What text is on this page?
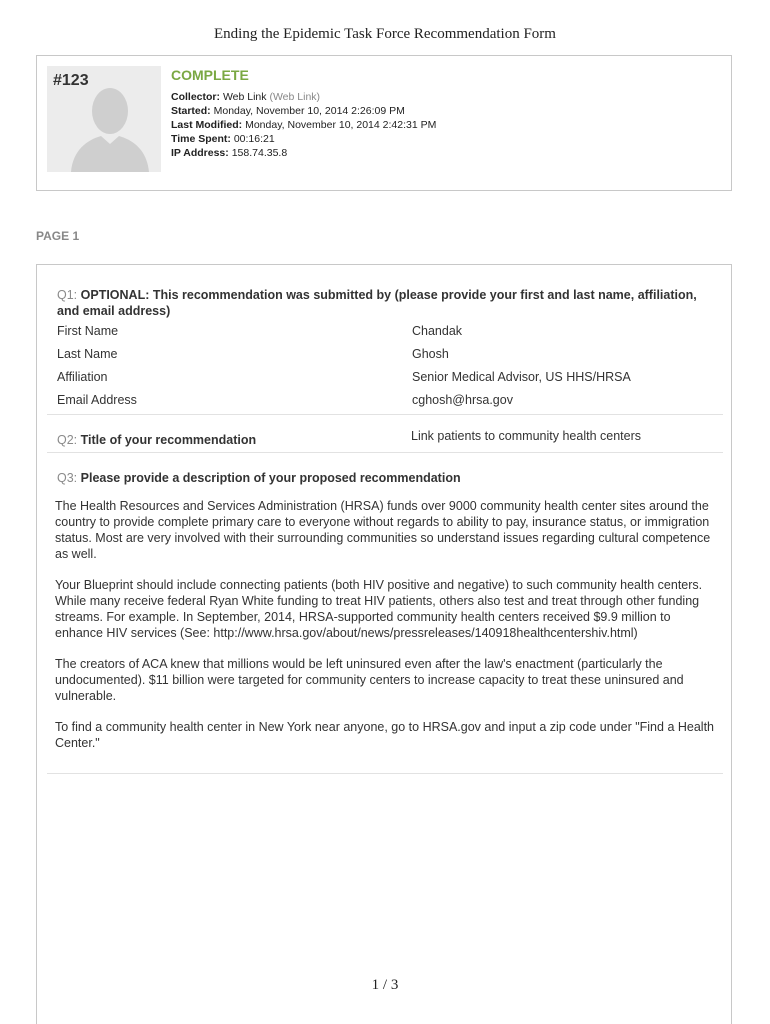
Ending the Epidemic Task Force Recommendation Form
#123	COMPLETE
Collector: Web Link (Web Link)
Started: Monday, November 10, 2014 2:26:09 PM
Last Modified: Monday, November 10, 2014 2:42:31 PM
Time Spent: 00:16:21
IP Address: 158.74.35.8
PAGE 1
Q1: OPTIONAL: This recommendation was submitted by (please provide your first and last name, affiliation, and email address)
First Name	Chandak
Last Name	Ghosh
Affiliation	Senior Medical Advisor, US HHS/HRSA
Email Address	cghosh@hrsa.gov
Q2: Title of your recommendation	Link patients to community health centers
Q3: Please provide a description of your proposed recommendation

The Health Resources and Services Administration (HRSA) funds over 9000 community health center sites around the country to provide complete primary care to everyone without regards to ability to pay, insurance status, or immigration status. Most are very involved with their surrounding communities so understand issues regarding cultural competence as well.

Your Blueprint should include connecting patients (both HIV positive and negative) to such community health centers. While many receive federal Ryan White funding to treat HIV patients, others also test and treat through other funding streams. For example. In September, 2014, HRSA-supported community health centers received $9.9 million to enhance HIV services (See: http://www.hrsa.gov/about/news/pressreleases/140918healthcentershiv.html)

The creators of ACA knew that millions would be left uninsured even after the law's enactment (particularly the undocumented). $11 billion were targeted for community centers to increase capacity to treat these uninsured and vulnerable.

To find a community health center in New York near anyone, go to HRSA.gov and input a zip code under "Find a Health Center."

1 / 3
